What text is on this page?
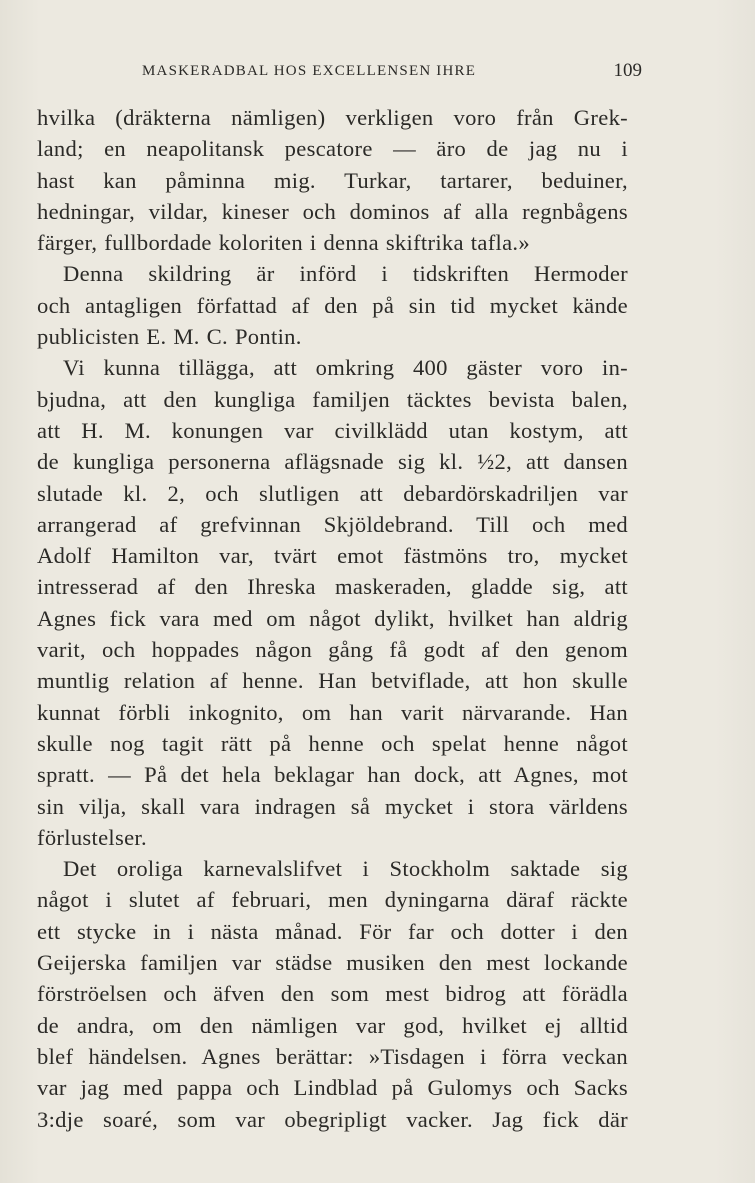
MASKERADBAL HOS EXCELLENSEN IHRE	109
hvilka (dräkterna nämligen) verkligen voro från Grek-
land; en neapolitansk pescatore — äro de jag nu i
hast kan påminna mig. Turkar, tartarer, beduiner,
hedningar, vildar, kineser och dominos af alla regnbågens
färger, fullbordade koloriten i denna skiftrika tafla.»
Denna skildring är införd i tidskriften Hermoder
och antagligen författad af den på sin tid mycket kände
publicisten E. M. C. Pontin.
Vi kunna tillägga, att omkring 400 gäster voro in-
bjudna, att den kungliga familjen täcktes bevista balen,
att H. M. konungen var civilklädd utan kostym, att
de kungliga personerna aflägsnade sig kl. ½2, att dansen
slutade kl. 2, och slutligen att debardörskadriljen var
arrangerad af grefvinnan Skjöldebrand. Till och med
Adolf Hamilton var, tvärt emot fästmöns tro, mycket
intresserad af den Ihreska maskeraden, gladde sig, att
Agnes fick vara med om något dylikt, hvilket han aldrig
varit, och hoppades någon gång få godt af den genom
muntlig relation af henne. Han betviflade, att hon skulle
kunnat förbli inkognito, om han varit närvarande. Han
skulle nog tagit rätt på henne och spelat henne något
spratt. — På det hela beklagar han dock, att Agnes, mot
sin vilja, skall vara indragen så mycket i stora världens
förlustelser.
Det oroliga karnevalslifvet i Stockholm saktade sig
något i slutet af februari, men dyningarna däraf räckte
ett stycke in i nästa månad. För far och dotter i den
Geijerska familjen var städse musiken den mest lockande
förströelsen och äfven den som mest bidrog att förädla
de andra, om den nämligen var god, hvilket ej alltid
blef händelsen. Agnes berättar: »Tisdagen i förra veckan
var jag med pappa och Lindblad på Gulomys och Sacks
3:dje soaré, som var obegripligt vacker. Jag fick där
